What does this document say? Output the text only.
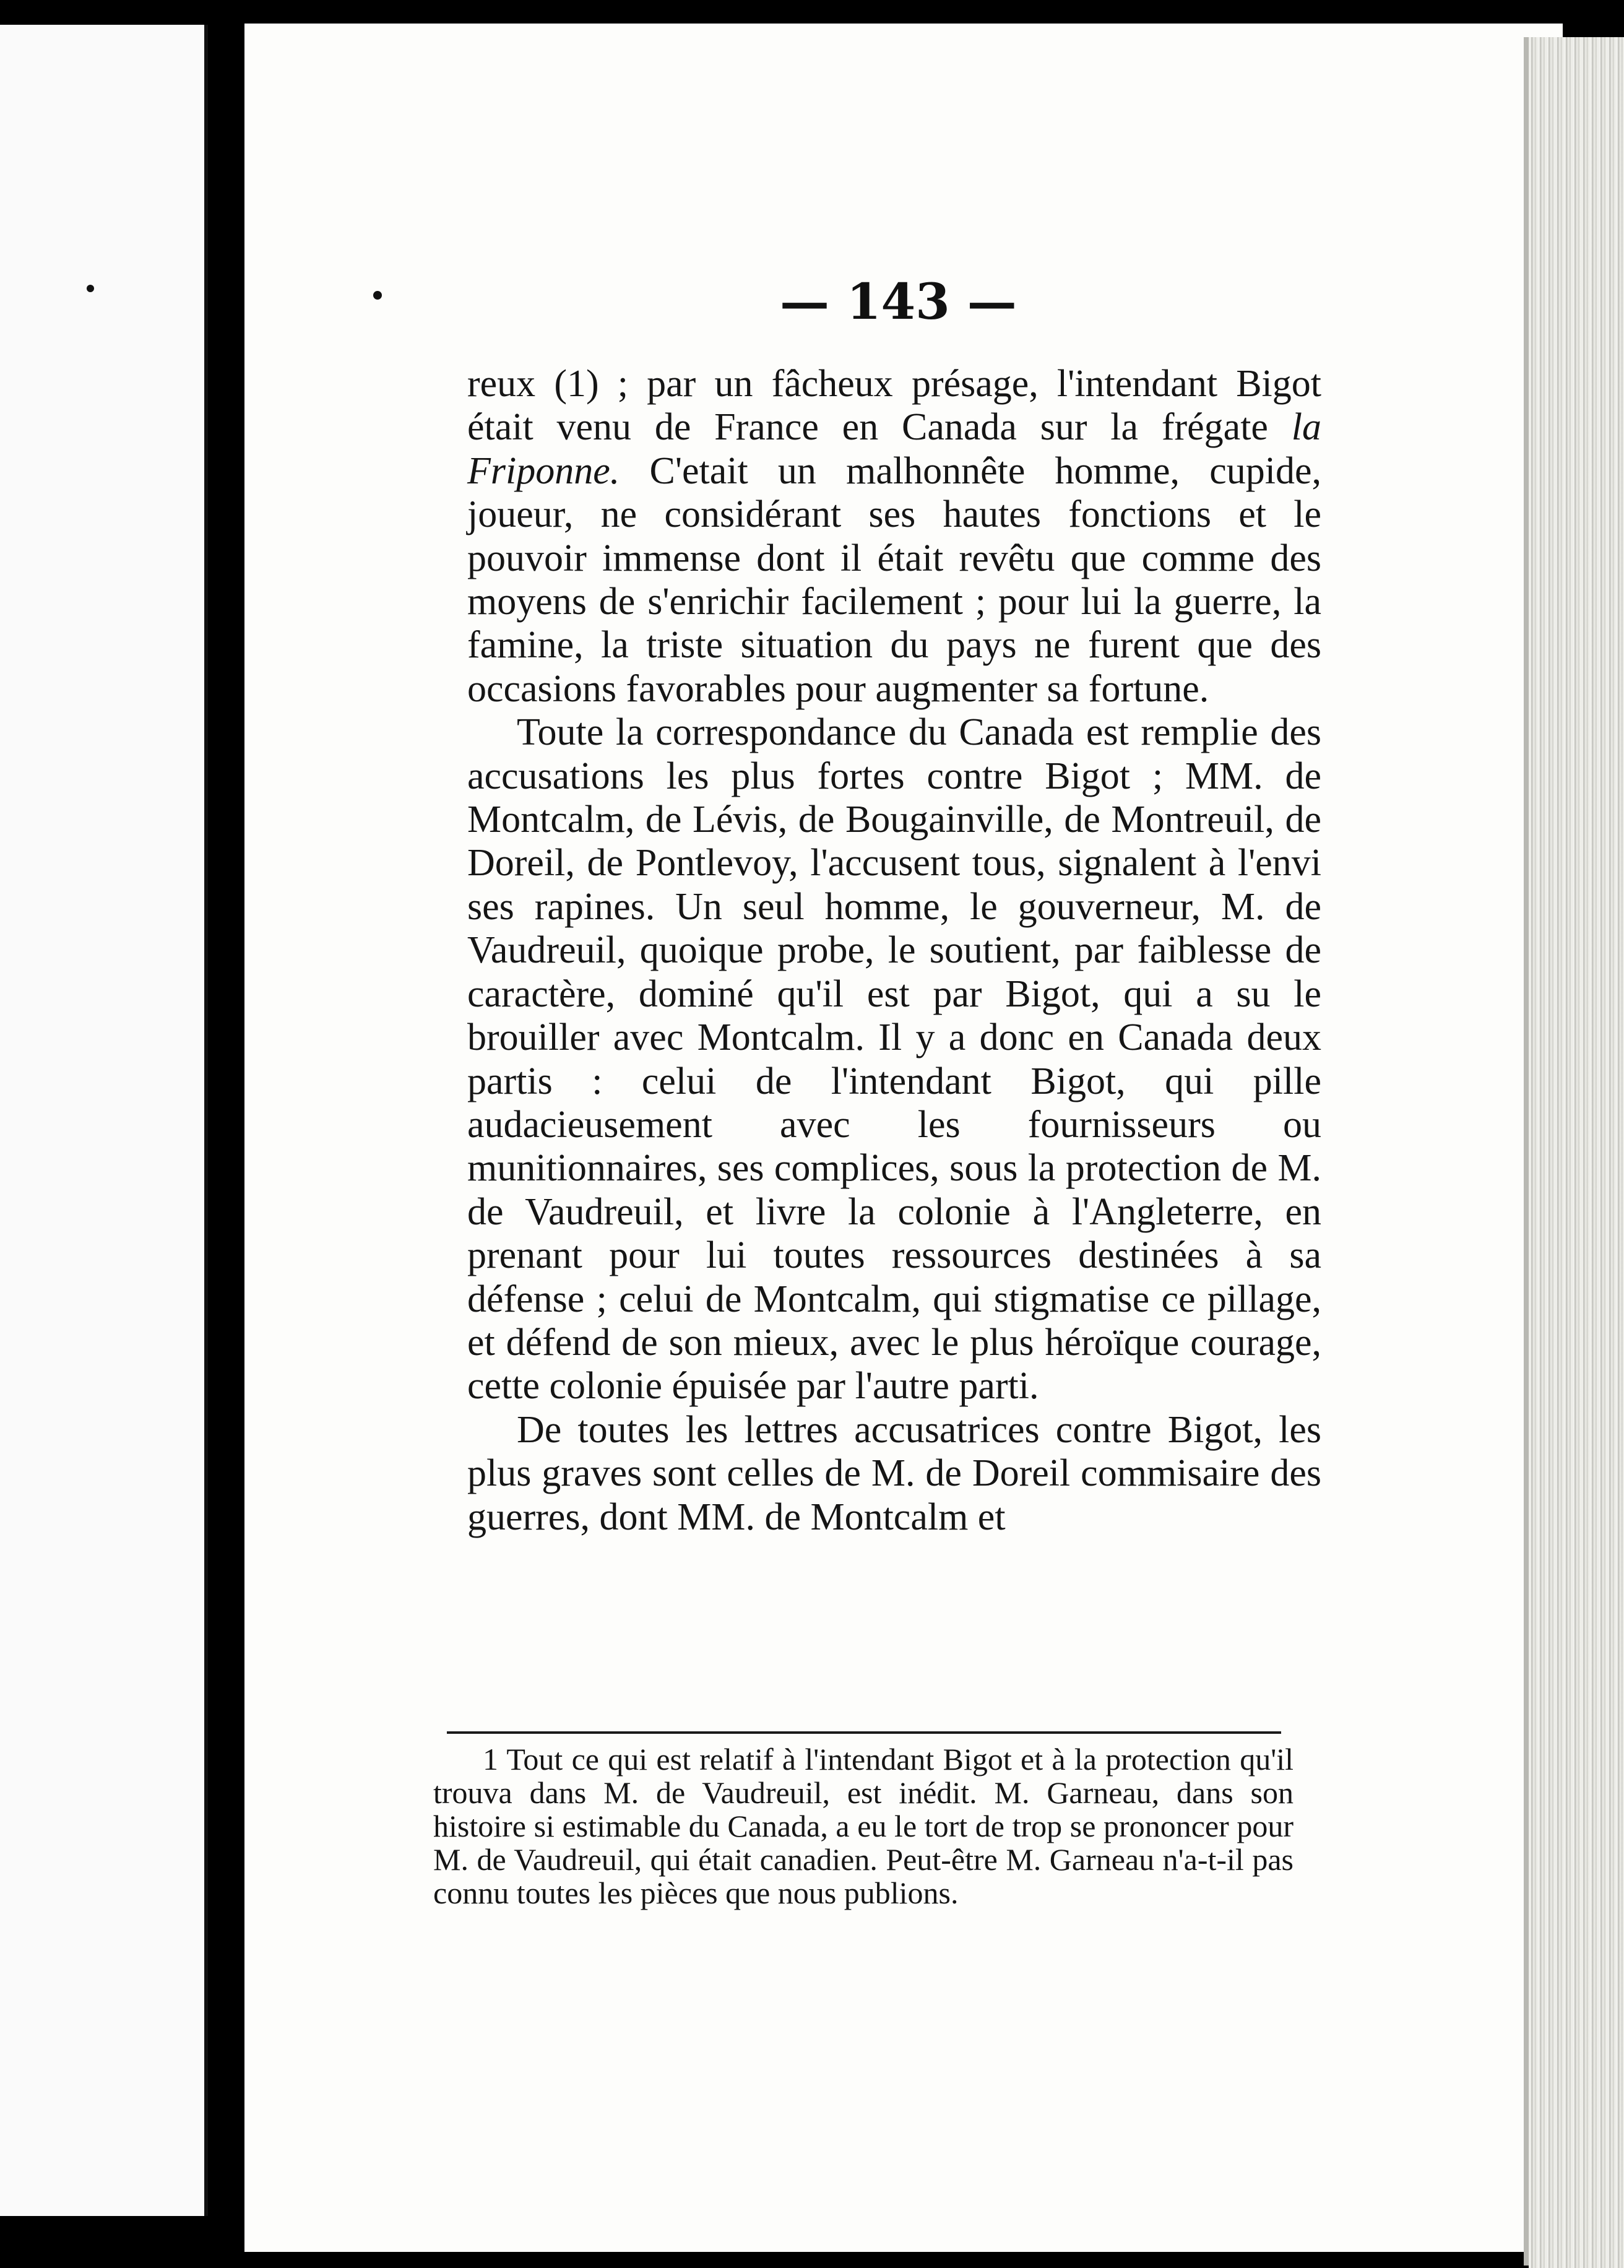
— 143 —

reux (1) ; par un fâcheux présage, l'intendant Bigot était venu de France en Canada sur la frégate la Friponne. C'etait un malhonnête homme, cupide, joueur, ne considérant ses hautes fonctions et le pouvoir immense dont il était revêtu que comme des moyens de s'enrichir facilement ; pour lui la guerre, la famine, la triste situation du pays ne furent que des occasions favorables pour augmenter sa fortune.

Toute la correspondance du Canada est remplie des accusations les plus fortes contre Bigot ; MM. de Montcalm, de Lévis, de Bougainville, de Montreuil, de Doreil, de Pontlevoy, l'accusent tous, signalent à l'envi ses rapines. Un seul homme, le gouverneur, M. de Vaudreuil, quoique probe, le soutient, par faiblesse de caractère, dominé qu'il est par Bigot, qui a su le brouiller avec Montcalm. Il y a donc en Canada deux partis : celui de l'intendant Bigot, qui pille audacieusement avec les fournisseurs ou munitionnaires, ses complices, sous la protection de M. de Vaudreuil, et livre la colonie à l'Angleterre, en prenant pour lui toutes ressources destinées à sa défense ; celui de Montcalm, qui stigmatise ce pillage, et défend de son mieux, avec le plus héroïque courage, cette colonie épuisée par l'autre parti.

De toutes les lettres accusatrices contre Bigot, les plus graves sont celles de M. de Doreil commisaire des guerres, dont MM. de Montcalm et

1 Tout ce qui est relatif à l'intendant Bigot et à la protection qu'il trouva dans M. de Vaudreuil, est inédit. M. Garneau, dans son histoire si estimable du Canada, a eu le tort de trop se prononcer pour M. de Vaudreuil, qui était canadien. Peut-être M. Garneau n'a-t-il pas connu toutes les pièces que nous publions.
